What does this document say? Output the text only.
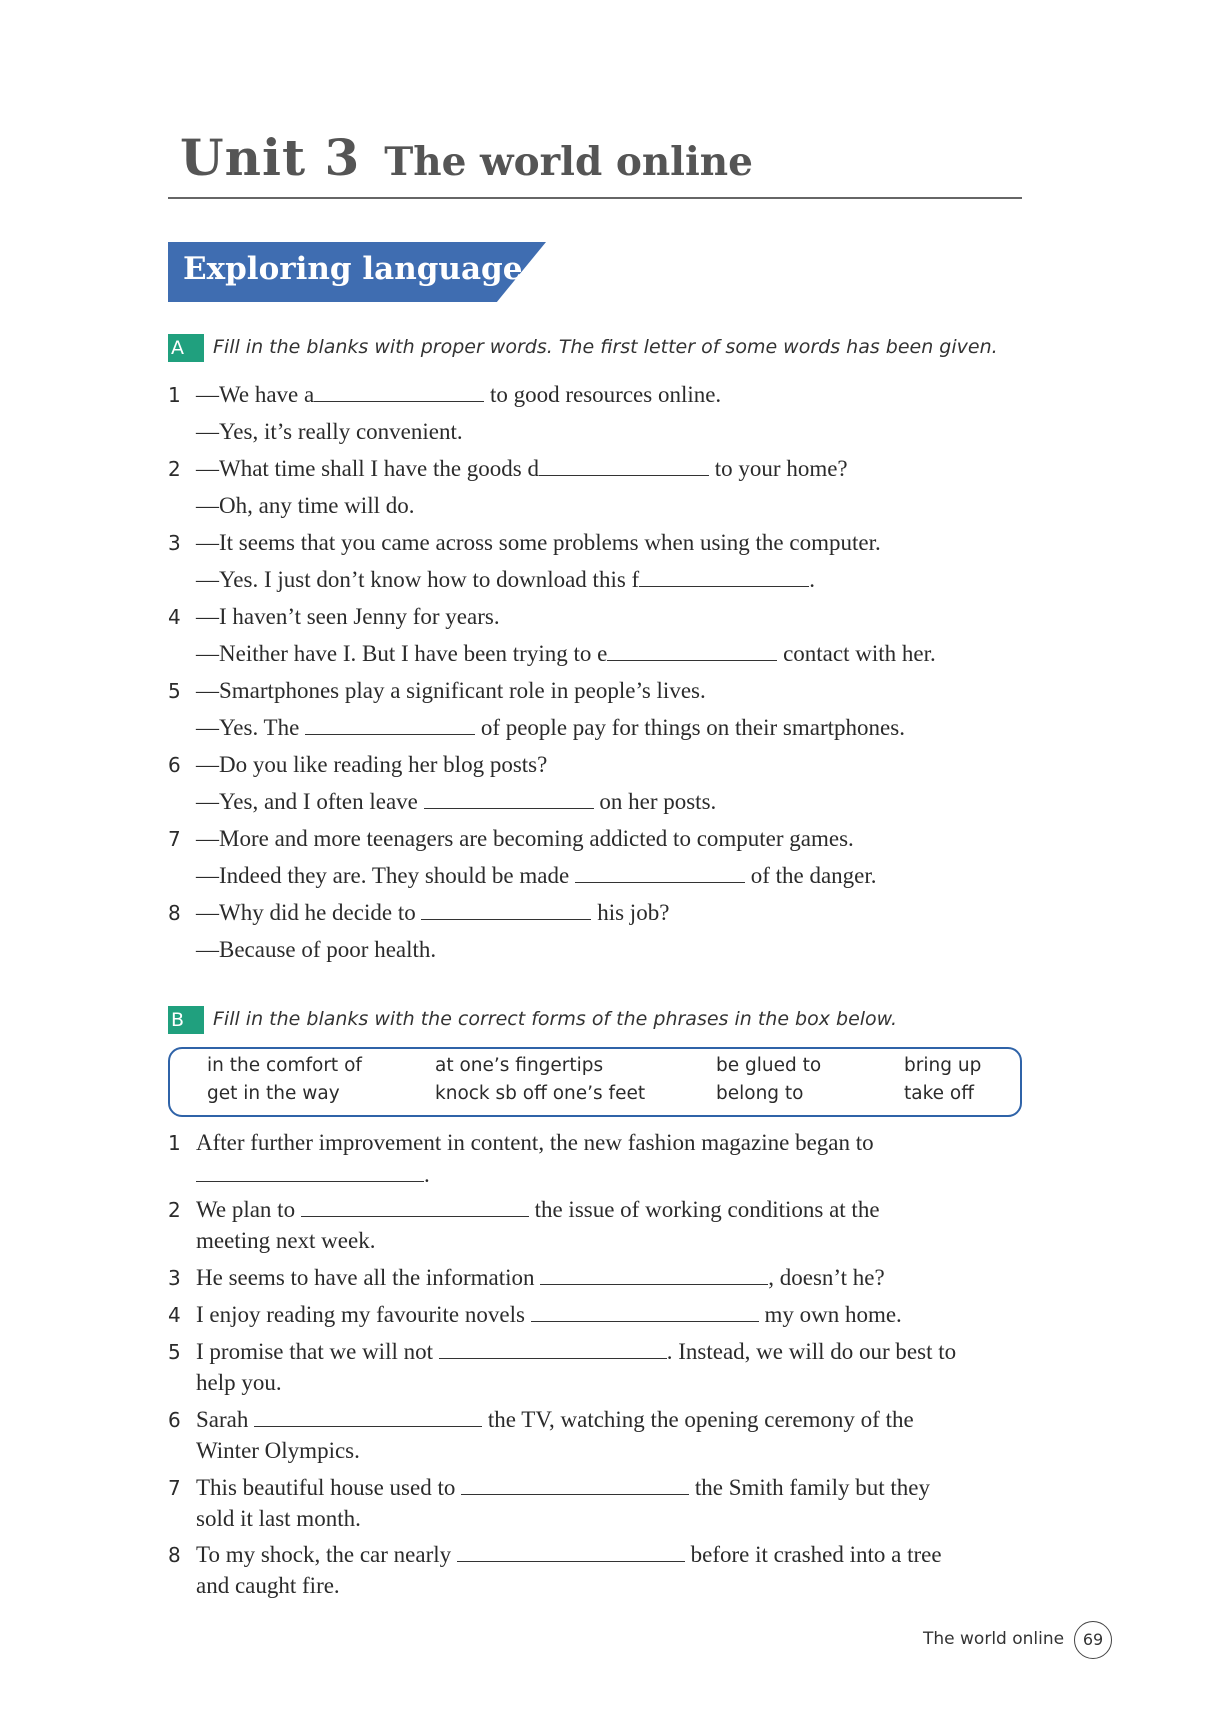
Unit 3 The world online
Exploring language
A	Fill in the blanks with proper words. The first letter of some words has been given.
1 —We have a	to good resources online.
—Yes, it’s really convenient.
2 —What time shall I have the goods d	to your home?
—Oh, any time will do.
3 —It seems that you came across some problems when using the computer.
—Yes. I just don’t know how to download this f	.
4 —I haven’t seen Jenny for years.
—Neither have I. But I have been trying to e	contact with her.
5 —Smartphones play a significant role in people’s lives.
—Yes. The	of people pay for things on their smartphones.
6 —Do you like reading her blog posts?
—Yes, and I often leave	on her posts.
7 —More and more teenagers are becoming addicted to computer games.
—Indeed they are. They should be made	of the danger.
8 —Why did he decide to	his job?
—Because of poor health.
B	Fill in the blanks with the correct forms of the phrases in the box below.
in the comfort of	at one’s fingertips	be glued to	bring up
get in the way	knock sb off one’s feet	belong to	take off
1 After further improvement in content, the new fashion magazine began to
.
2 We plan to	the issue of working conditions at the
meeting next week.
3 He seems to have all the information	, doesn’t he?
4 I enjoy reading my favourite novels	my own home.
5 I promise that we will not	. Instead, we will do our best to
help you.
6 Sarah	the TV, watching the opening ceremony of the
Winter Olympics.
7 This beautiful house used to	the Smith family but they
sold it last month.
8 To my shock, the car nearly	before it crashed into a tree
and caught fire.
The world online	69
